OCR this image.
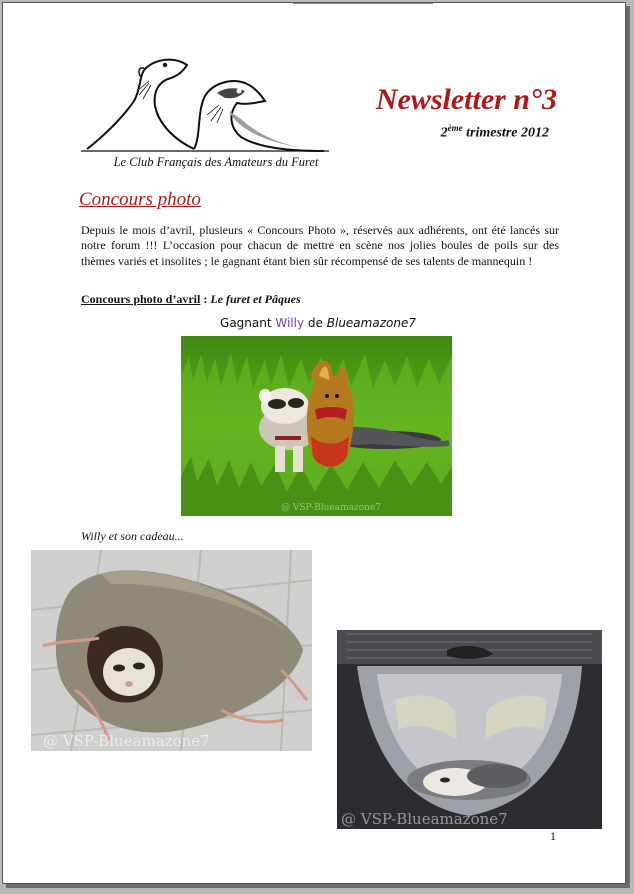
Le Club Français des Amateurs du Furet
Newsletter n°3
2ème trimestre 2012
Concours photo

Depuis le mois d’avril, plusieurs « Concours Photo », réservés aux adhérents, ont été lancés sur notre forum !!! L’occasion pour chacun de mettre en scène nos jolies boules de poils sur des thèmes variés et insolites ; le gagnant étant bien sûr récompensé de ses talents de mannequin !

Concours photo d’avril : Le furet et Pâques
Gagnant Willy de Blueamazone7
@ VSP-Blueamazone7
Willy et son cadeau...
@ VSP-Blueamazone7
@ VSP-Blueamazone7
1
